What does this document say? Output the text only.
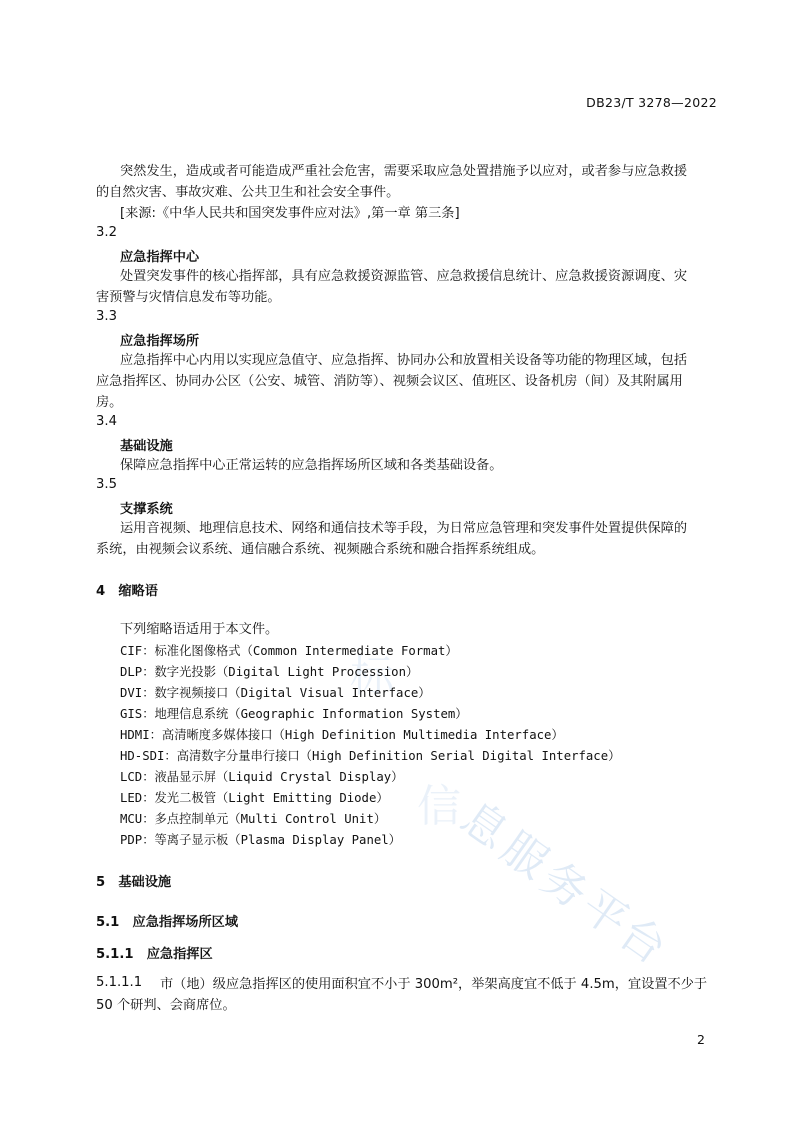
标
信
息
服
务
平
台
DB23/T 3278—2022
突然发生，造成或者可能造成严重社会危害，需要采取应急处置措施予以应对，或者参与应急救援
的自然灾害、事故灾难、公共卫生和社会安全事件。
[来源:《中华人民共和国突发事件应对法》,第一章 第三条]
3.2
应急指挥中心
处置突发事件的核心指挥部，具有应急救援资源监管、应急救援信息统计、应急救援资源调度、灾
害预警与灾情信息发布等功能。
3.3
应急指挥场所
应急指挥中心内用以实现应急值守、应急指挥、协同办公和放置相关设备等功能的物理区域，包括
应急指挥区、协同办公区（公安、城管、消防等）、视频会议区、值班区、设备机房（间）及其附属用
房。
3.4
基础设施
保障应急指挥中心正常运转的应急指挥场所区域和各类基础设备。
3.5
支撑系统
运用音视频、地理信息技术、网络和通信技术等手段，为日常应急管理和突发事件处置提供保障的
系统，由视频会议系统、通信融合系统、视频融合系统和融合指挥系统组成。
4　缩略语
下列缩略语适用于本文件。
CIF：标准化图像格式（Common Intermediate Format）
DLP：数字光投影（Digital Light Procession）
DVI：数字视频接口（Digital Visual Interface）
GIS：地理信息系统（Geographic Information System）
HDMI：高清晰度多媒体接口（High Definition Multimedia Interface）
HD-SDI：高清数字分量串行接口（High Definition Serial Digital Interface）
LCD：液晶显示屏（Liquid Crystal Display）
LED：发光二极管（Light Emitting Diode）
MCU：多点控制单元（Multi Control Unit）
PDP：等离子显示板（Plasma Display Panel）
5　基础设施
5.1　应急指挥场所区域
5.1.1　应急指挥区
5.1.1.1 市（地）级应急指挥区的使用面积宜不小于 300m²，举架高度宜不低于 4.5m，宜设置不少于
50 个研判、会商席位。
2
